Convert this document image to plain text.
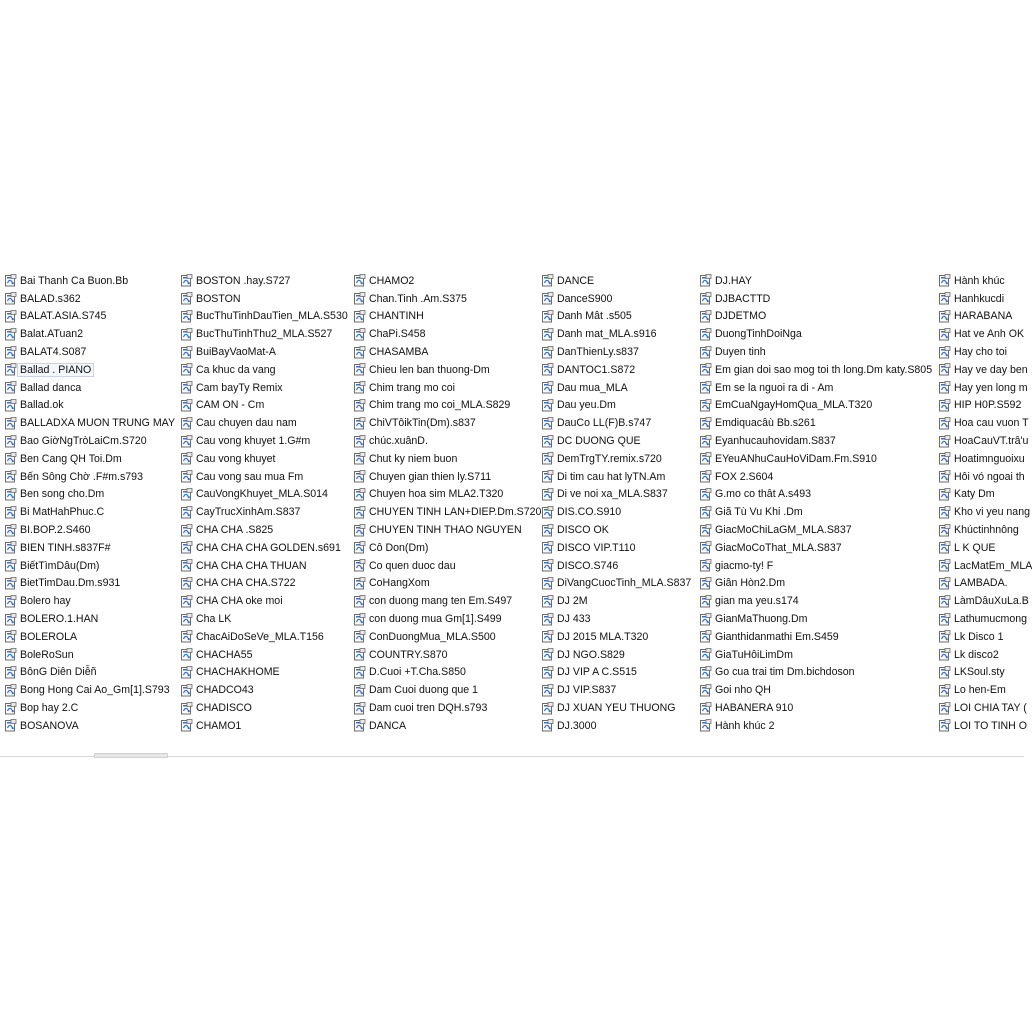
Bai Thanh Ca Buon.Bb
BALAD.s362
BALAT.ASIA.S745
Balat.ATuan2
BALAT4.S087
Ballad . PIANO
Ballad danca
Ballad.ok
BALLADXA MUON TRUNG MAY
Bao GiờNgTròLaiCm.S720
Ben Cang QH Toi.Dm
Bến Sông Chờ .F#m.s793
Ben song cho.Dm
Bi MatHahPhuc.C
BI.BOP.2.S460
BIEN TINH.s837F#
BiếtTìmDâu(Dm)
BietTimDau.Dm.s931
Bolero hay
BOLERO.1.HAN
BOLEROLA
BoleRoSun
BônG Diên Diễñ
Bong Hong Cai Ao_Gm[1].S793
Bop hay 2.C
BOSANOVA
BOSTON .hay.S727
BOSTON
BucThuTinhDauTien_MLA.S530
BucThuTinhThu2_MLA.S527
BuiBayVaoMat-A
Ca khuc da vang
Cam bayTy Remix
CAM ON - Cm
Cau chuyen dau nam
Cau vong khuyet 1.G#m
Cau vong khuyet
Cau vong sau mua Fm
CauVongKhuyet_MLA.S014
CayTrucXinhAm.S837
CHA CHA .S825
CHA CHA CHA GOLDEN.s691
CHA CHA CHA THUAN
CHA CHA CHA.S722
CHA CHA oke moi
Cha LK
ChacAiDoSeVe_MLA.T156
CHACHA55
CHACHAKHOME
CHADCO43
CHADISCO
CHAMO1
CHAMO2
Chan.Tinh .Am.S375
CHANTINH
ChaPi.S458
CHASAMBA
Chieu len ban thuong-Dm
Chim trang mo coi
Chim trang mo coi_MLA.S829
ChiVTôikTin(Dm).s837
chúc.xuânD.
Chut ky niem buon
Chuyen gian thien ly.S711
Chuyen hoa sim MLA2.T320
CHUYEN TINH LAN+DIEP.Dm.S720
CHUYEN TINH THAO NGUYEN
Cô Don(Dm)
Co quen duoc dau
CoHangXom
con duong mang ten Em.S497
con duong mua Gm[1].S499
ConDuongMua_MLA.S500
COUNTRY.S870
D.Cuoi +T.Cha.S850
Dam Cuoi duong que 1
Dam cuoi tren DQH.s793
DANCA
DANCE
DanceS900
Danh Mât .s505
Danh mat_MLA.s916
DanThienLy.s837
DANTOC1.S872
Dau mua_MLA
Dau yeu.Dm
DauCo LL(F)B.s747
DC DUONG QUE
DemTrgTY.remix.s720
Di tim cau hat lyTN.Am
Di ve noi xa_MLA.S837
DIS.CO.S910
DISCO OK
DISCO VIP.T110
DISCO.S746
DiVangCuocTinh_MLA.S837
DJ 2M
DJ 433
DJ 2015 MLA.T320
DJ NGO.S829
DJ VIP A C.S515
DJ VIP.S837
DJ XUAN YEU THUONG
DJ.3000
DJ.HAY
DJBACTTD
DJDETMO
DuongTinhDoiNga
Duyen tinh
Em gian doi sao mog toi th long.Dm katy.S805
Em se la nguoi ra di - Am
EmCuaNgayHomQua_MLA.T320
Emdiquacâù Bb.s261
Eyanhucauhovidam.S837
EYeuANhuCauHoViDam.Fm.S910
FOX 2.S604
G.mo co thât A.s493
Giã Tù Vu Khi .Dm
GiacMoChiLaGM_MLA.S837
GiacMoCoThat_MLA.S837
giacmo-ty! F
Giân Hòn2.Dm
gian ma yeu.s174
GianMaThuong.Dm
Gianthidanmathi Em.S459
GiaTuHôiLimDm
Go cua trai tim Dm.bichdoson
Goi nho QH
HABANERA 910
Hành khúc 2
Hành khúc
Hanhkucdi
HARABANA
Hat ve Anh OK
Hay cho toi
Hay ve day ben
Hay yen long m
HIP H0P.S592
Hoa cau vuon T
HoaCauVT.trâ'u
Hoatimnguoixu
Hôi vó ngoai th
Katy Dm
Kho vi yeu nang
Khúctinhnông
L K QUE
LacMatEm_MLA
LAMBADA.
LàmDâuXuLa.B
Lathumucmong
Lk Disco 1
Lk disco2
LKSoul.sty
Lo hen-Em
LOI CHIA TAY (
LOI TO TINH O
